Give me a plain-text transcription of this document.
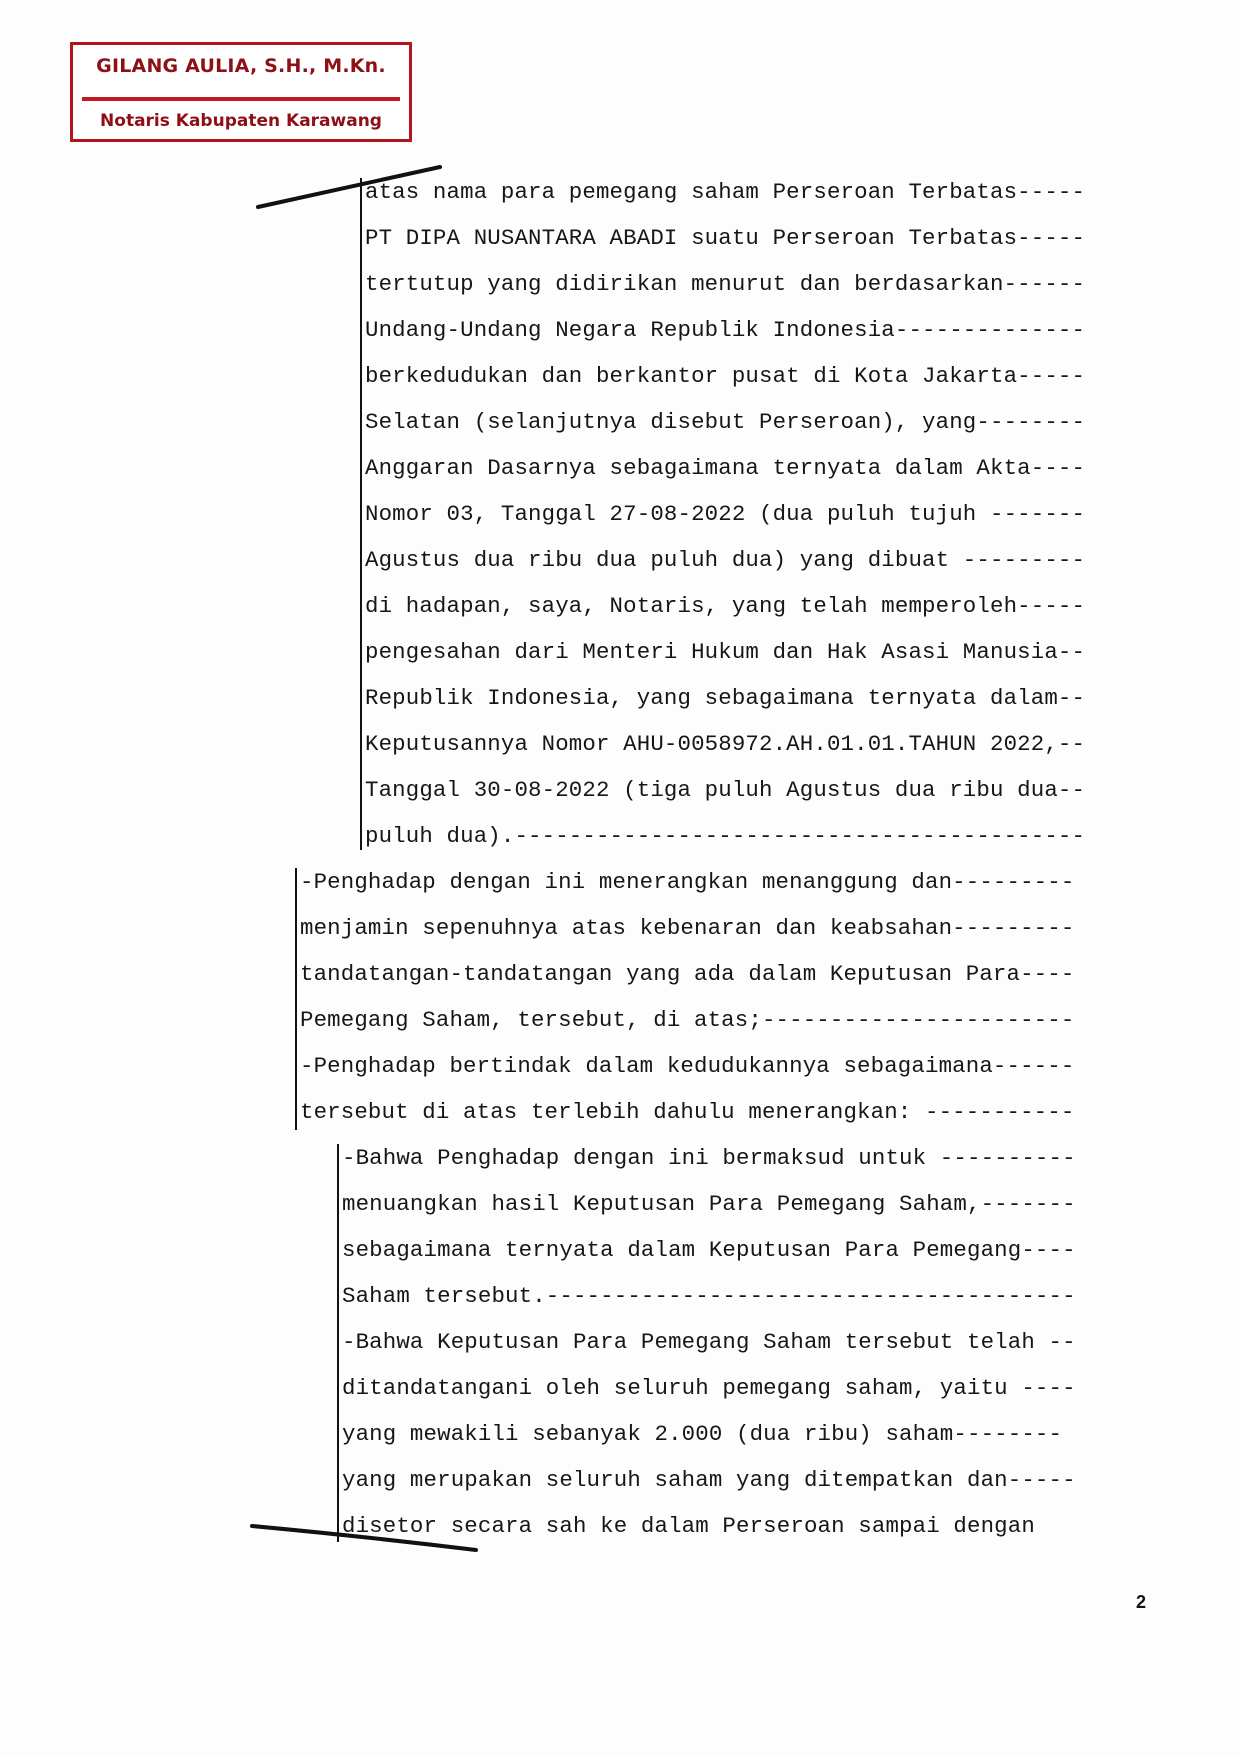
GILANG AULIA, S.H., M.Kn.
Notaris Kabupaten Karawang
atas nama para pemegang saham Perseroan Terbatas-----
PT DIPA NUSANTARA ABADI suatu Perseroan Terbatas-----
tertutup yang didirikan menurut dan berdasarkan------
Undang-Undang Negara Republik Indonesia--------------
berkedudukan dan berkantor pusat di Kota Jakarta-----
Selatan (selanjutnya disebut Perseroan), yang--------
Anggaran Dasarnya sebagaimana ternyata dalam Akta----
Nomor 03, Tanggal 27-08-2022 (dua puluh tujuh -------
Agustus dua ribu dua puluh dua) yang dibuat ---------
di hadapan, saya, Notaris, yang telah memperoleh-----
pengesahan dari Menteri Hukum dan Hak Asasi Manusia--
Republik Indonesia, yang sebagaimana ternyata dalam--
Keputusannya Nomor AHU-0058972.AH.01.01.TAHUN 2022,--
Tanggal 30-08-2022 (tiga puluh Agustus dua ribu dua--
puluh dua).------------------------------------------
-Penghadap dengan ini menerangkan menanggung dan---------
menjamin sepenuhnya atas kebenaran dan keabsahan---------
tandatangan-tandatangan yang ada dalam Keputusan Para----
Pemegang Saham, tersebut, di atas;-----------------------
-Penghadap bertindak dalam kedudukannya sebagaimana------
tersebut di atas terlebih dahulu menerangkan: -----------
-Bahwa Penghadap dengan ini bermaksud untuk ----------
menuangkan hasil Keputusan Para Pemegang Saham,-------
sebagaimana ternyata dalam Keputusan Para Pemegang----
Saham tersebut.---------------------------------------
-Bahwa Keputusan Para Pemegang Saham tersebut telah --
ditandatangani oleh seluruh pemegang saham, yaitu ----
yang mewakili sebanyak 2.000 (dua ribu) saham--------
yang merupakan seluruh saham yang ditempatkan dan-----
disetor secara sah ke dalam Perseroan sampai dengan
2
